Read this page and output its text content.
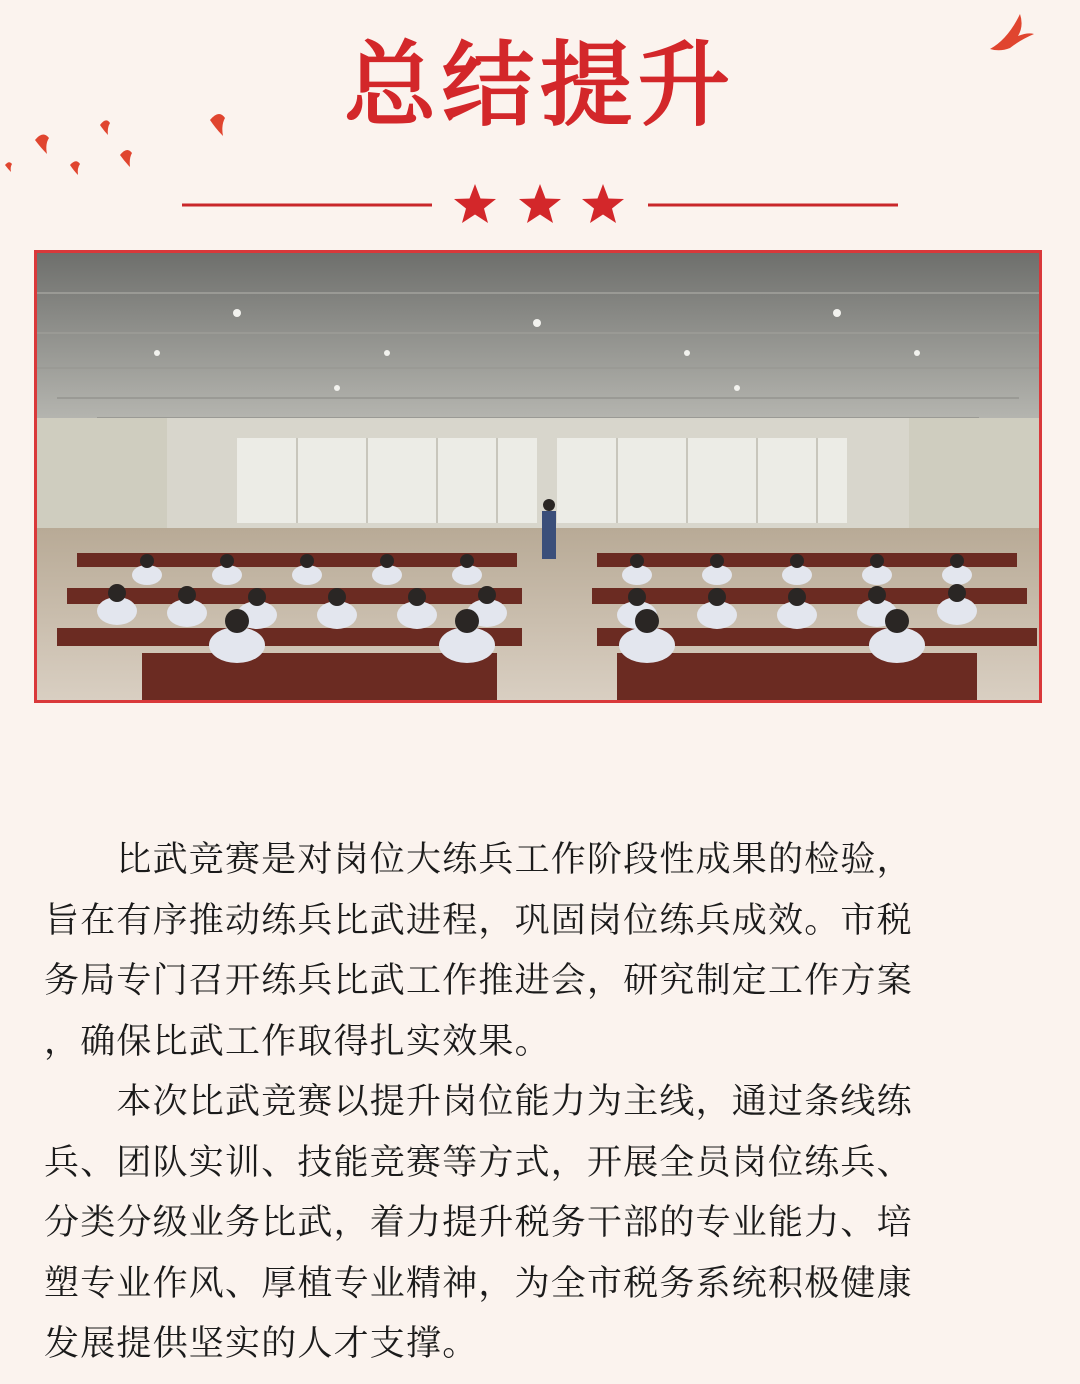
总结提升
　　比武竞赛是对岗位大练兵工作阶段性成果的检验，
旨在有序推动练兵比武进程，巩固岗位练兵成效。市税
务局专门召开练兵比武工作推进会，研究制定工作方案
，确保比武工作取得扎实效果。
　　本次比武竞赛以提升岗位能力为主线，通过条线练
兵、团队实训、技能竞赛等方式，开展全员岗位练兵、
分类分级业务比武，着力提升税务干部的专业能力、培
塑专业作风、厚植专业精神，为全市税务系统积极健康
发展提供坚实的人才支撑。
